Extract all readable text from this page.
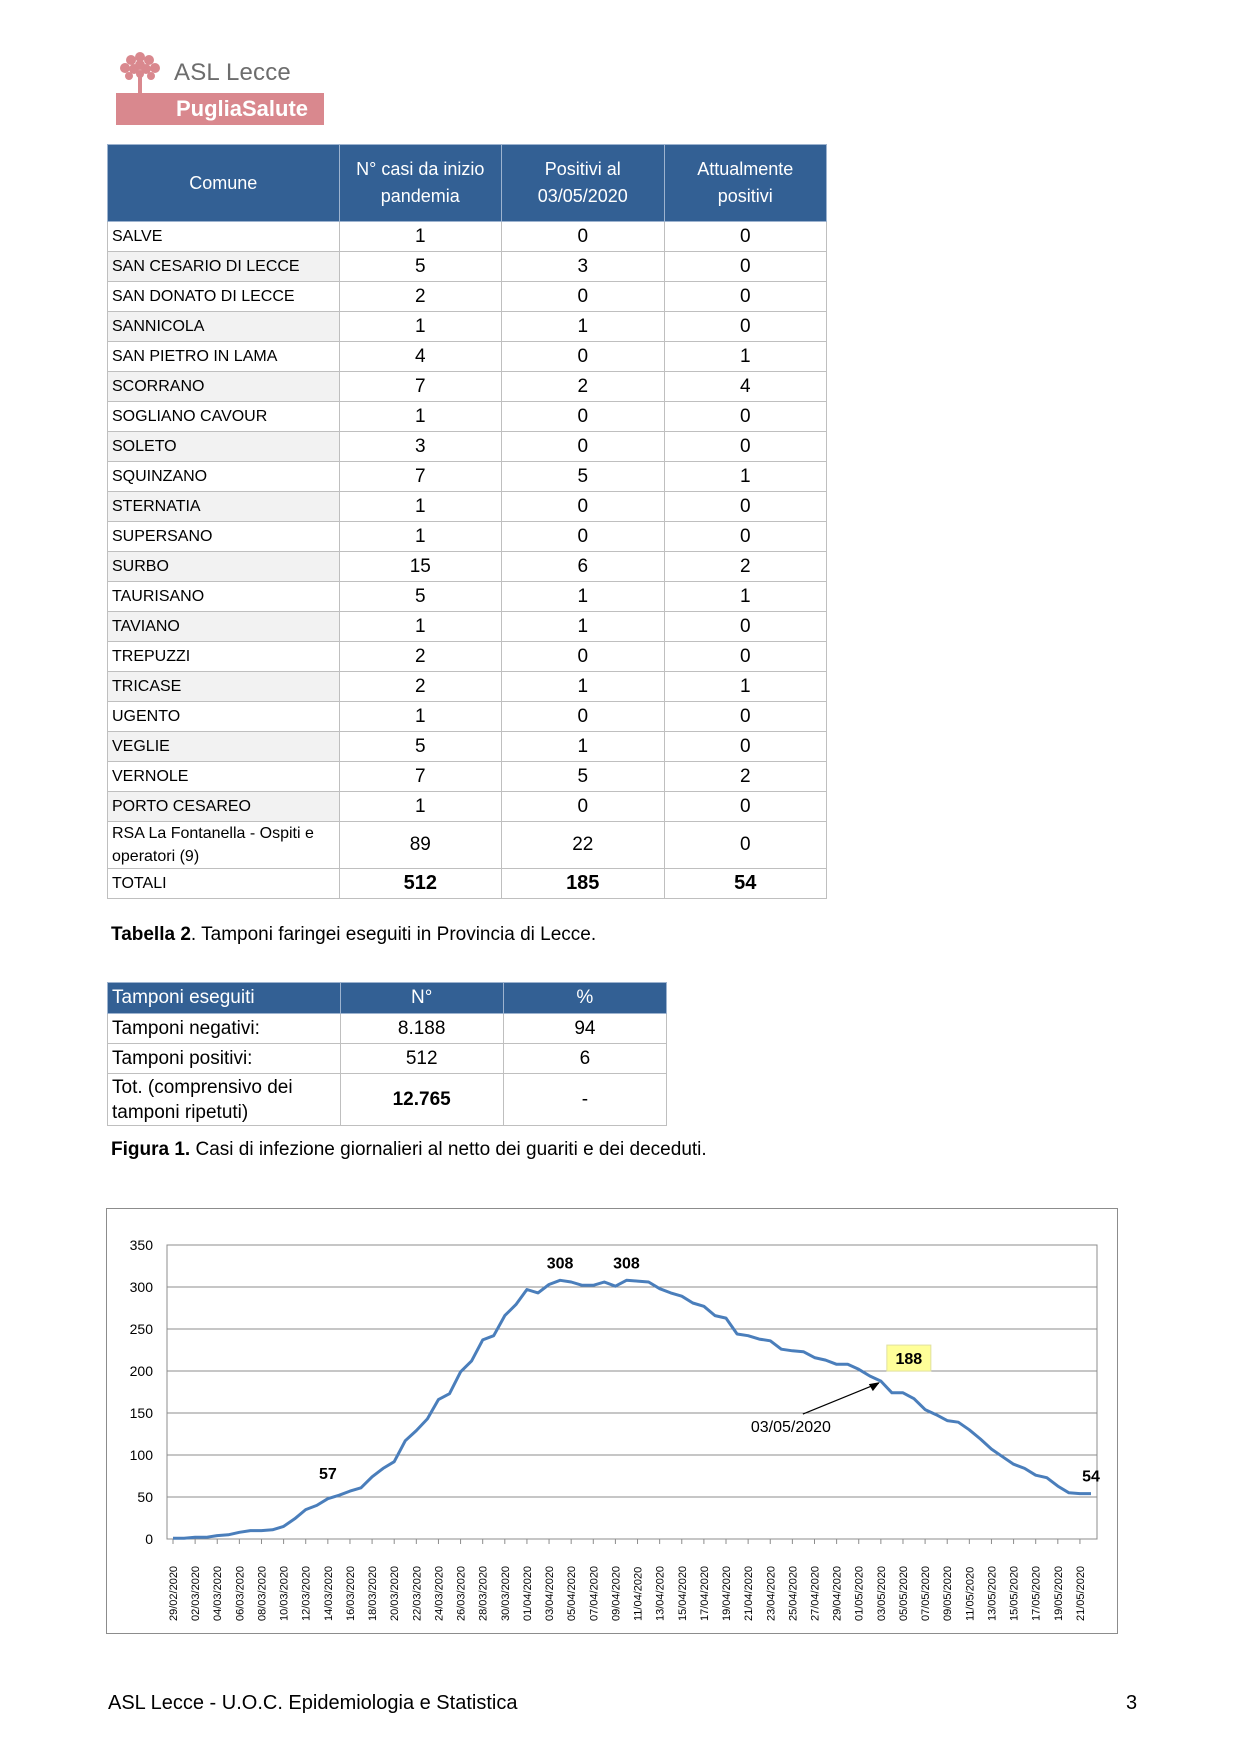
ASL Lecce
PugliaSalute
Comune	N° casi da inizio pandemia	Positivi al 03/05/2020	Attualmente positivi
SALVE	1	0	0
SAN CESARIO DI LECCE	5	3	0
SAN DONATO DI LECCE	2	0	0
SANNICOLA	1	1	0
SAN PIETRO IN LAMA	4	0	1
SCORRANO	7	2	4
SOGLIANO CAVOUR	1	0	0
SOLETO	3	0	0
SQUINZANO	7	5	1
STERNATIA	1	0	0
SUPERSANO	1	0	0
SURBO	15	6	2
TAURISANO	5	1	1
TAVIANO	1	1	0
TREPUZZI	2	0	0
TRICASE	2	1	1
UGENTO	1	0	0
VEGLIE	5	1	0
VERNOLE	7	5	2
PORTO CESAREO	1	0	0
RSA La Fontanella - Ospiti e operatori (9)	89	22	0
TOTALI	512	185	54
Tabella 2. Tamponi faringei eseguiti in Provincia di Lecce.
Tamponi eseguiti	N°	%
Tamponi negativi:	8.188	94
Tamponi positivi:	512	6
Tot. (comprensivo dei tamponi ripetuti)	12.765	-
Figura 1. Casi di infezione giornalieri al netto dei guariti e dei deceduti.
0
50
100
150
200
250
300
350
29/02/2020 02/03/2020 04/03/2020 06/03/2020 08/03/2020 10/03/2020 12/03/2020 14/03/2020 16/03/2020 18/03/2020 20/03/2020 22/03/2020 24/03/2020 26/03/2020 28/03/2020 30/03/2020 01/04/2020 03/04/2020 05/04/2020 07/04/2020 09/04/2020 11/04/2020 13/04/2020 15/04/2020 17/04/2020 19/04/2020 21/04/2020 23/04/2020 25/04/2020 27/04/2020 29/04/2020 01/05/2020 03/05/2020 05/05/2020 07/05/2020 09/05/2020 11/05/2020 13/05/2020 15/05/2020 17/05/2020 19/05/2020 21/05/2020
57
308 308
188
03/05/2020
54
ASL Lecce - U.O.C. Epidemiologia e Statistica	3
